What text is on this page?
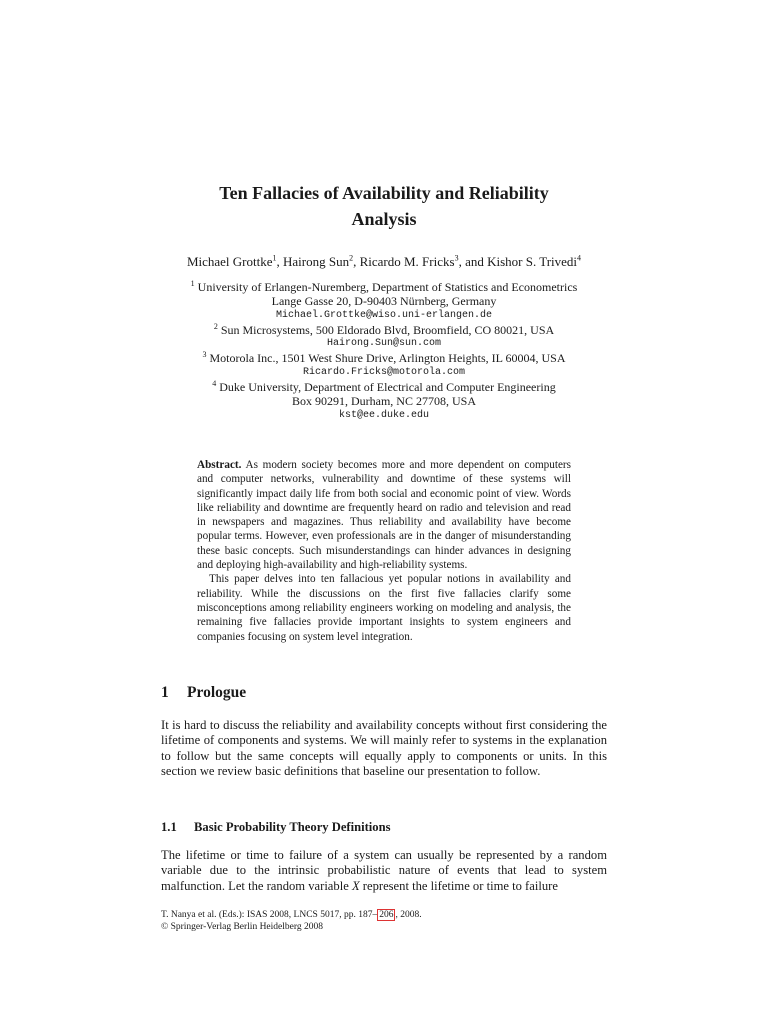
Ten Fallacies of Availability and Reliability
Analysis
Michael Grottke$^1$, Hairong Sun$^2$, Ricardo M. Fricks$^3$, and Kishor S. Trivedi$^4$
$^1$ University of Erlangen-Nuremberg, Department of Statistics and Econometrics
Lange Gasse 20, D-90403 Nürnberg, Germany
Michael.Grottke@wiso.uni-erlangen.de
$^2$ Sun Microsystems, 500 Eldorado Blvd, Broomfield, CO 80021, USA
Hairong.Sun@sun.com
$^3$ Motorola Inc., 1501 West Shure Drive, Arlington Heights, IL 60004, USA
Ricardo.Fricks@motorola.com
$^4$ Duke University, Department of Electrical and Computer Engineering
Box 90291, Durham, NC 27708, USA
kst@ee.duke.edu

Abstract. As modern society becomes more and more dependent on computers and computer networks, vulnerability and downtime of these systems will significantly impact daily life from both social and economic point of view. Words like reliability and downtime are frequently heard on radio and television and read in newspapers and magazines. Thus reliability and availability have become popular terms. However, even professionals are in the danger of misunderstanding these basic concepts. Such misunderstandings can hinder advances in designing and deploying high-availability and high-reliability systems.

This paper delves into ten fallacious yet popular notions in availability and reliability. While the discussions on the first five fallacies clarify some misconceptions among reliability engineers working on modeling and analysis, the remaining five fallacies provide important insights to system engineers and companies focusing on system level integration.

1 Prologue

It is hard to discuss the reliability and availability concepts without first considering the lifetime of components and systems. We will mainly refer to systems in the explanation to follow but the same concepts will equally apply to components or units. In this section we review basic definitions that baseline our presentation to follow.

1.1 Basic Probability Theory Definitions

The lifetime or time to failure of a system can usually be represented by a random variable due to the intrinsic probabilistic nature of events that lead to system malfunction. Let the random variable X represent the lifetime or time to failure

T. Nanya et al. (Eds.): ISAS 2008, LNCS 5017, pp. 187– 206 , 2008.
© Springer-Verlag Berlin Heidelberg 2008
